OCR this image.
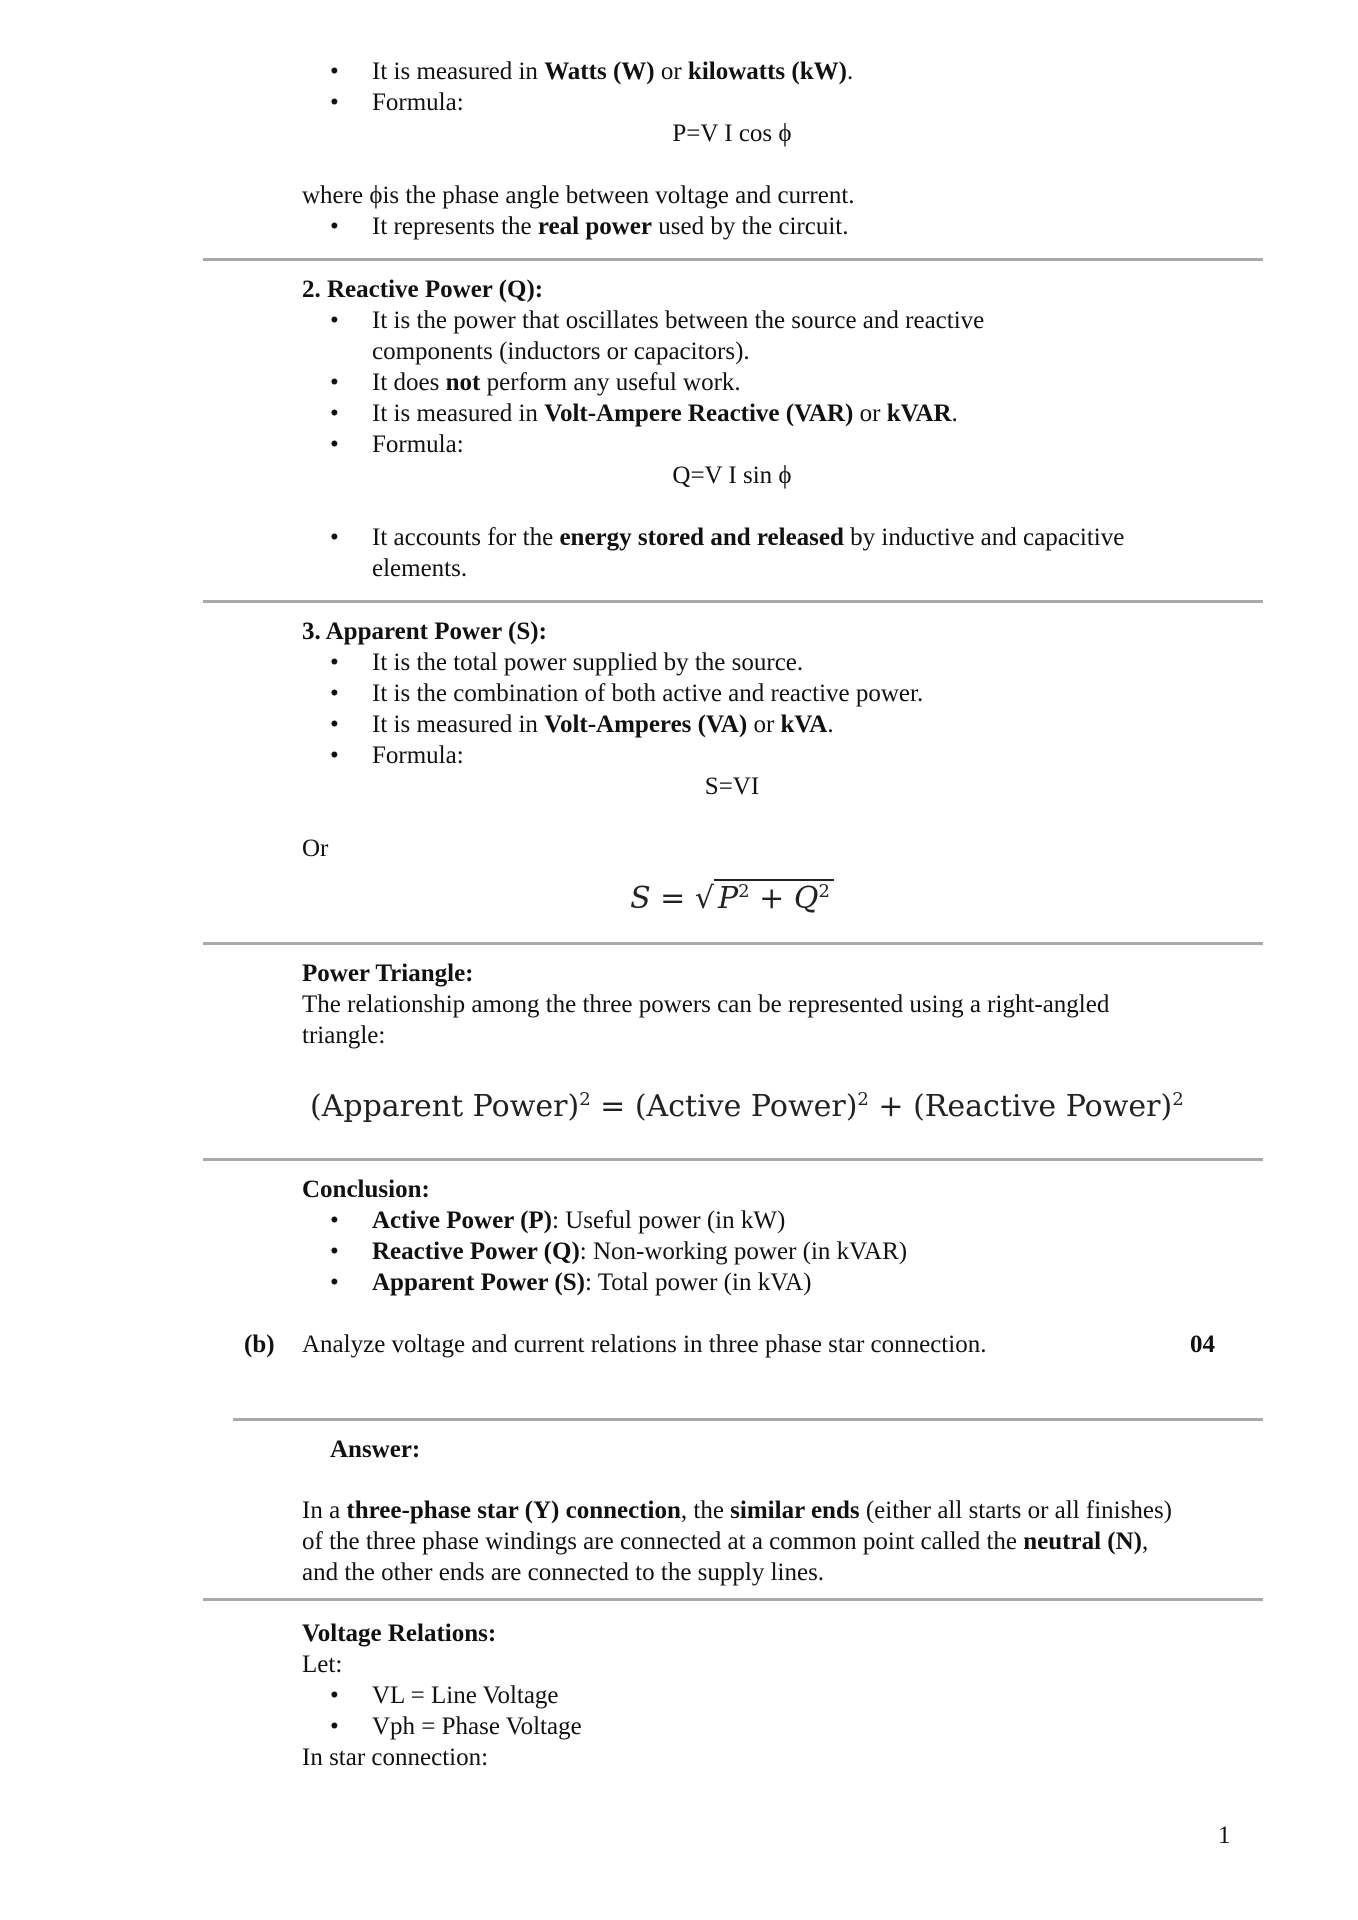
• It is measured in Watts (W) or kilowatts (kW).
• Formula:
P=V I cos ϕ
where ϕis the phase angle between voltage and current.
• It represents the real power used by the circuit.
2. Reactive Power (Q):
• It is the power that oscillates between the source and reactive components (inductors or capacitors).
• It does not perform any useful work.
• It is measured in Volt-Ampere Reactive (VAR) or kVAR.
• Formula:
Q=V I sin ϕ
• It accounts for the energy stored and released by inductive and capacitive elements.
3. Apparent Power (S):
• It is the total power supplied by the source.
• It is the combination of both active and reactive power.
• It is measured in Volt-Amperes (VA) or kVA.
• Formula:
S=VI
Or
S = √ $P^2 + Q^2$
Power Triangle:
The relationship among the three powers can be represented using a right-angled triangle:
(Apparent Power)$^2$ = (Active Power)$^2$ + (Reactive Power)$^2$
Conclusion:
• Active Power (P): Useful power (in kW)
• Reactive Power (Q): Non-working power (in kVAR)
• Apparent Power (S): Total power (in kVA)
(b) Analyze voltage and current relations in three phase star connection.	04
Answer:
In a three-phase star (Y) connection, the similar ends (either all starts or all finishes) of the three phase windings are connected at a common point called the neutral (N), and the other ends are connected to the supply lines.
Voltage Relations:
Let:
• VL = Line Voltage
• Vph = Phase Voltage
In star connection:
1
